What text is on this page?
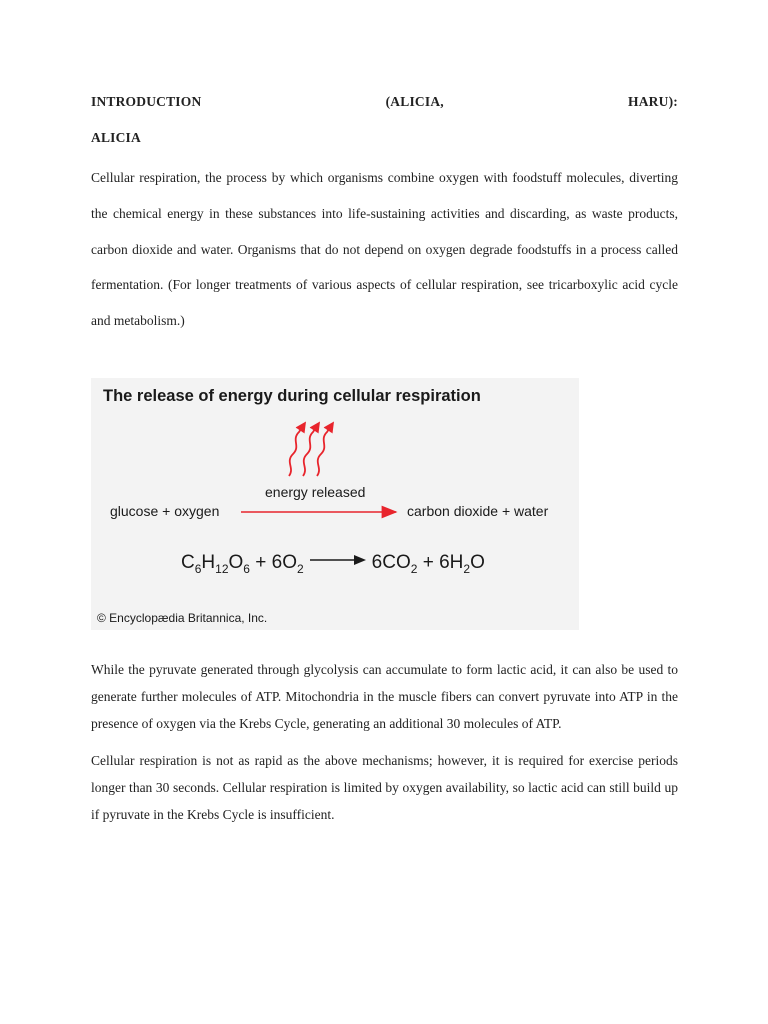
INTRODUCTION	(ALICIA,	HARU):
ALICIA

Cellular respiration, the process by which organisms combine oxygen with foodstuff molecules, diverting the chemical energy in these substances into life-sustaining activities and discarding, as waste products, carbon dioxide and water. Organisms that do not depend on oxygen degrade foodstuffs in a process called fermentation. (For longer treatments of various aspects of cellular respiration, see tricarboxylic acid cycle and metabolism.)

The release of energy during cellular respiration
energy released
glucose + oxygen	carbon dioxide + water
$C_6H_{12}O_6 + 6O_2$	$6CO_2 + 6H_2O$
© Encyclopædia Britannica, Inc.

While the pyruvate generated through glycolysis can accumulate to form lactic acid, it can also be used to generate further molecules of ATP. Mitochondria in the muscle fibers can convert pyruvate into ATP in the presence of oxygen via the Krebs Cycle, generating an additional 30 molecules of ATP.

Cellular respiration is not as rapid as the above mechanisms; however, it is required for exercise periods longer than 30 seconds. Cellular respiration is limited by oxygen availability, so lactic acid can still build up if pyruvate in the Krebs Cycle is insufficient.
